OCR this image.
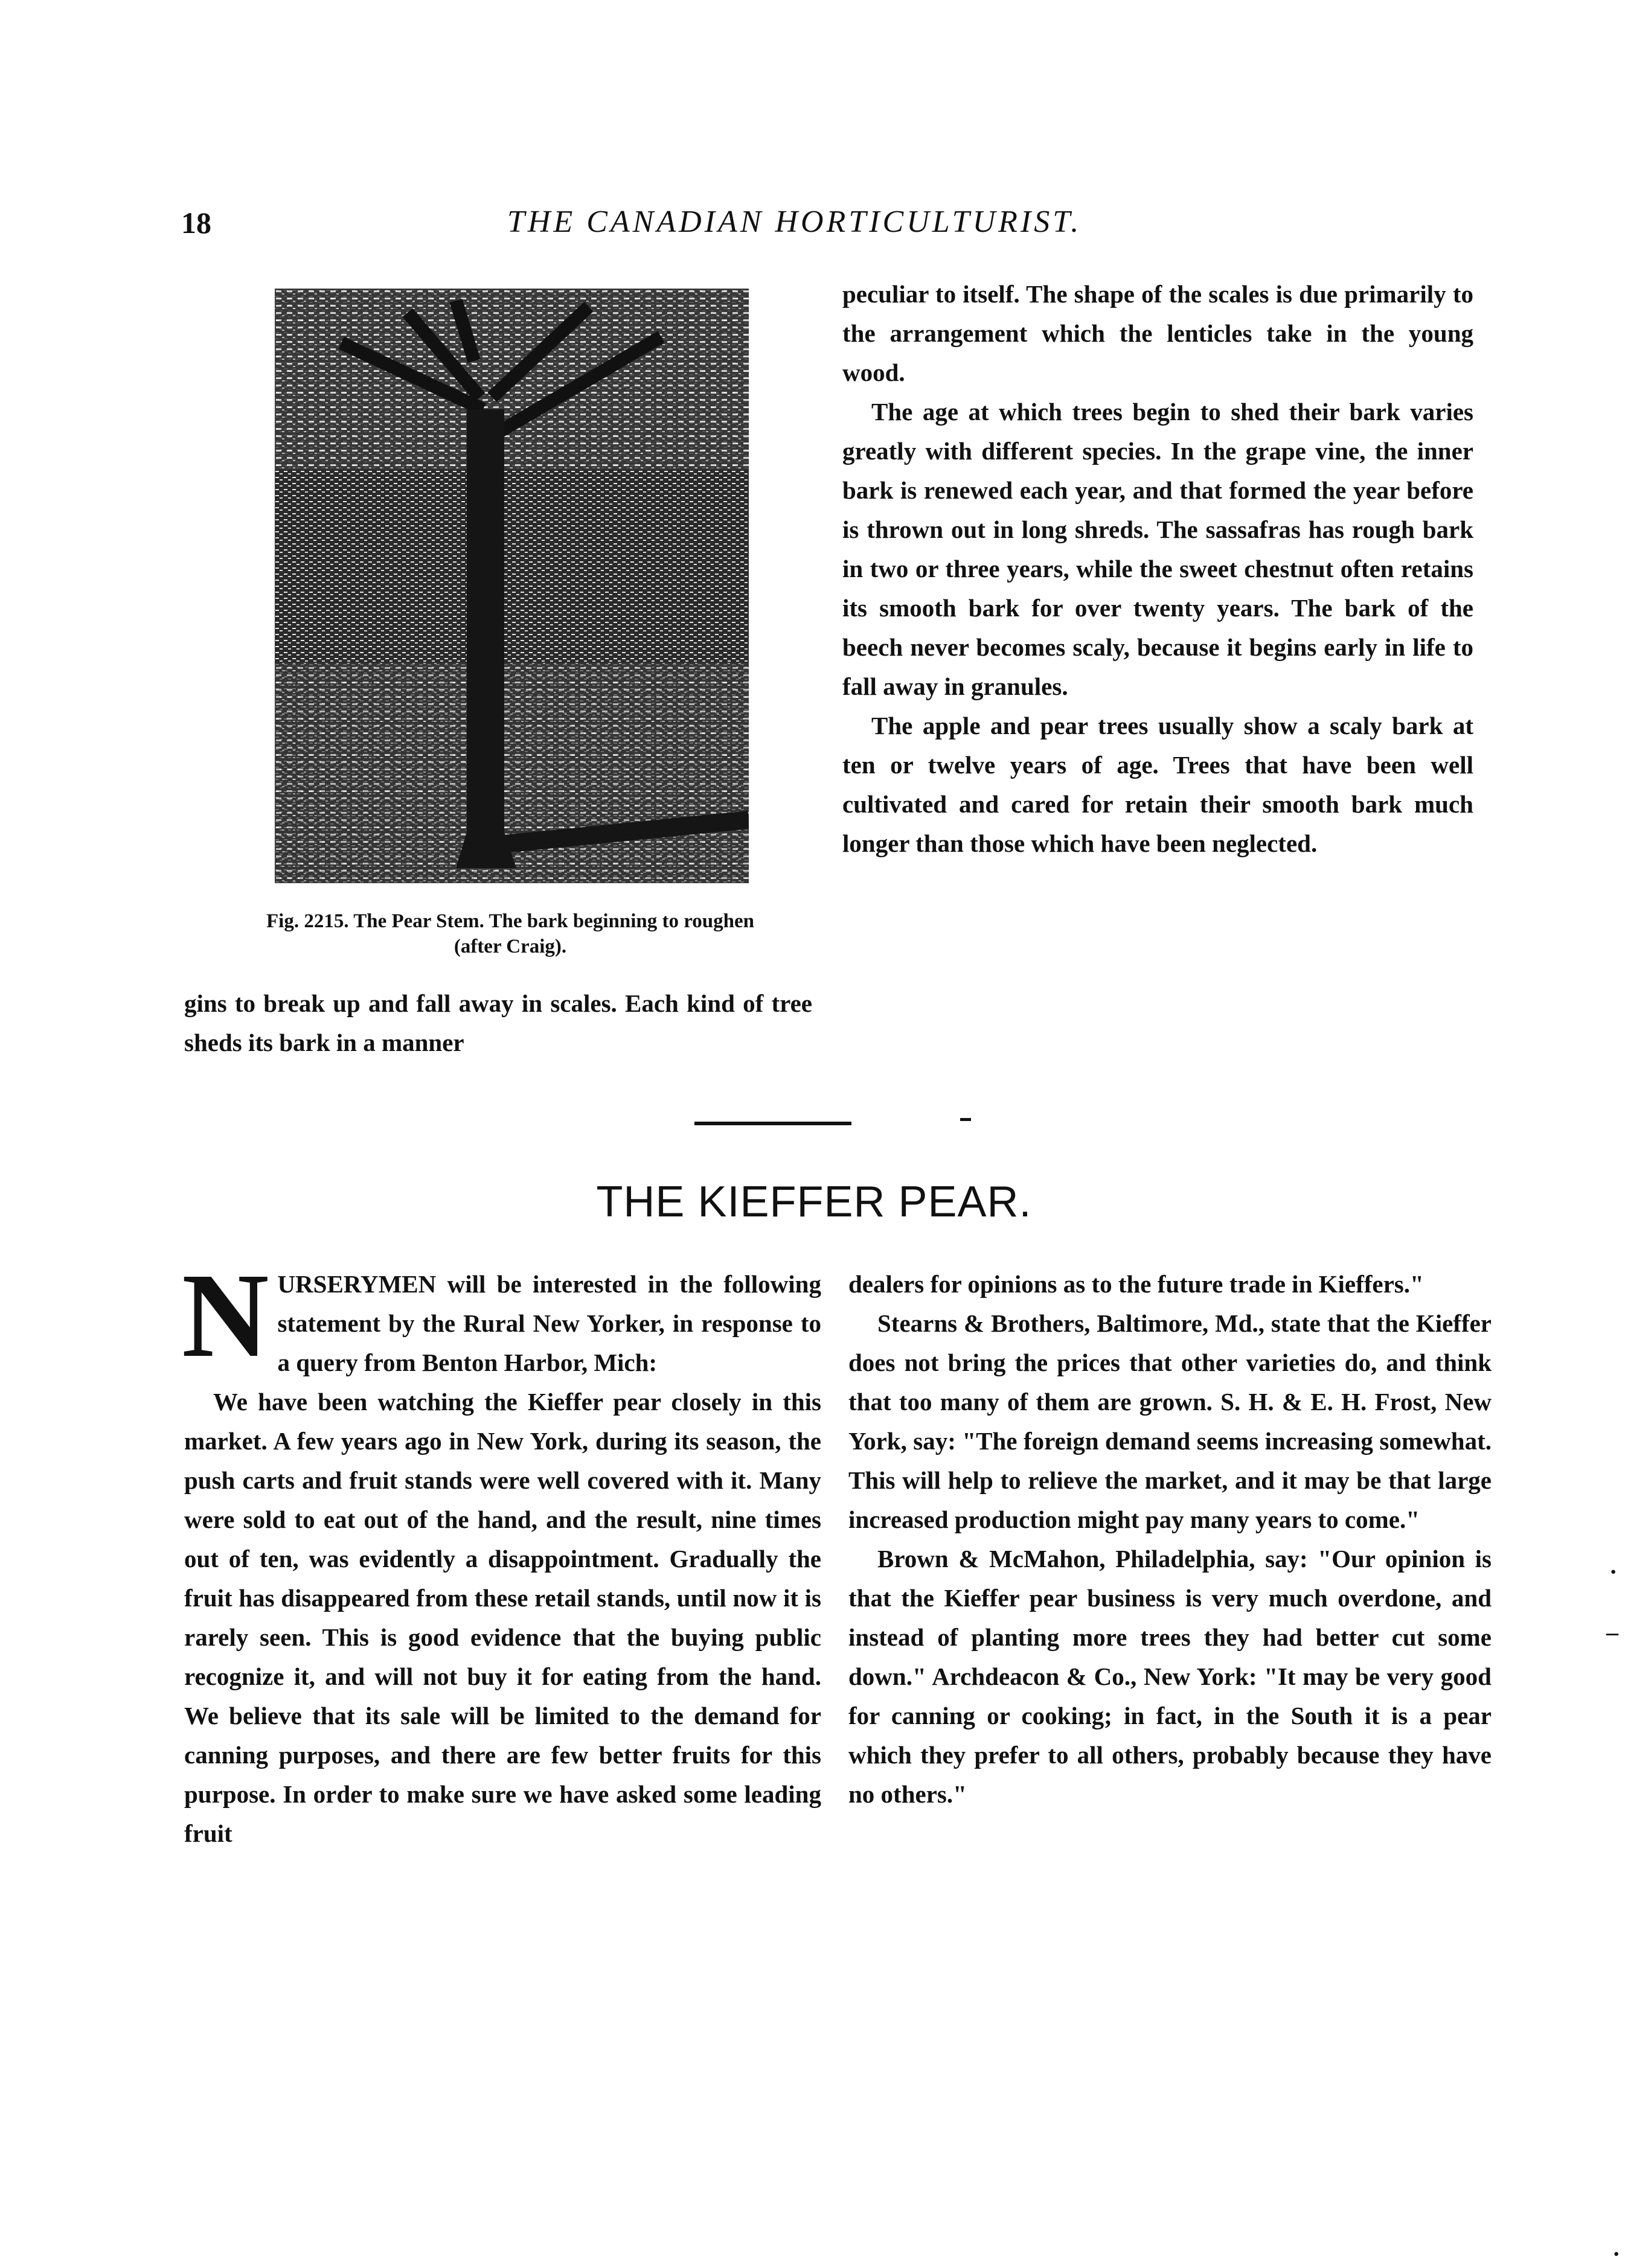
18	THE CANADIAN HORTICULTURIST.
Fig. 2215. The Pear Stem. The bark beginning to roughen (after Craig).

gins to break up and fall away in scales. Each kind of tree sheds its bark in a manner

peculiar to itself. The shape of the scales is due primarily to the arrangement which the lenticles take in the young wood.

The age at which trees begin to shed their bark varies greatly with different species. In the grape vine, the inner bark is renewed each year, and that formed the year before is thrown out in long shreds. The sassafras has rough bark in two or three years, while the sweet chestnut often retains its smooth bark for over twenty years. The bark of the beech never becomes scaly, because it begins early in life to fall away in granules.

The apple and pear trees usually show a scaly bark at ten or twelve years of age. Trees that have been well cultivated and cared for retain their smooth bark much longer than those which have been neglected.

THE KIEFFER PEAR.

NURSERYMEN will be interested in the following statement by the Rural New Yorker, in response to a query from Benton Harbor, Mich:

We have been watching the Kieffer pear closely in this market. A few years ago in New York, during its season, the push carts and fruit stands were well covered with it. Many were sold to eat out of the hand, and the result, nine times out of ten, was evidently a disappointment. Gradually the fruit has disappeared from these retail stands, until now it is rarely seen. This is good evidence that the buying public recognize it, and will not buy it for eating from the hand. We believe that its sale will be limited to the demand for canning purposes, and there are few better fruits for this purpose. In order to make sure we have asked some leading fruit

dealers for opinions as to the future trade in Kieffers."

Stearns & Brothers, Baltimore, Md., state that the Kieffer does not bring the prices that other varieties do, and think that too many of them are grown. S. H. & E. H. Frost, New York, say: "The foreign demand seems increasing somewhat. This will help to relieve the market, and it may be that large increased production might pay many years to come."

Brown & McMahon, Philadelphia, say: "Our opinion is that the Kieffer pear business is very much overdone, and instead of planting more trees they had better cut some down." Archdeacon & Co., New York: "It may be very good for canning or cooking; in fact, in the South it is a pear which they prefer to all others, probably because they have no others."

·
–
·
